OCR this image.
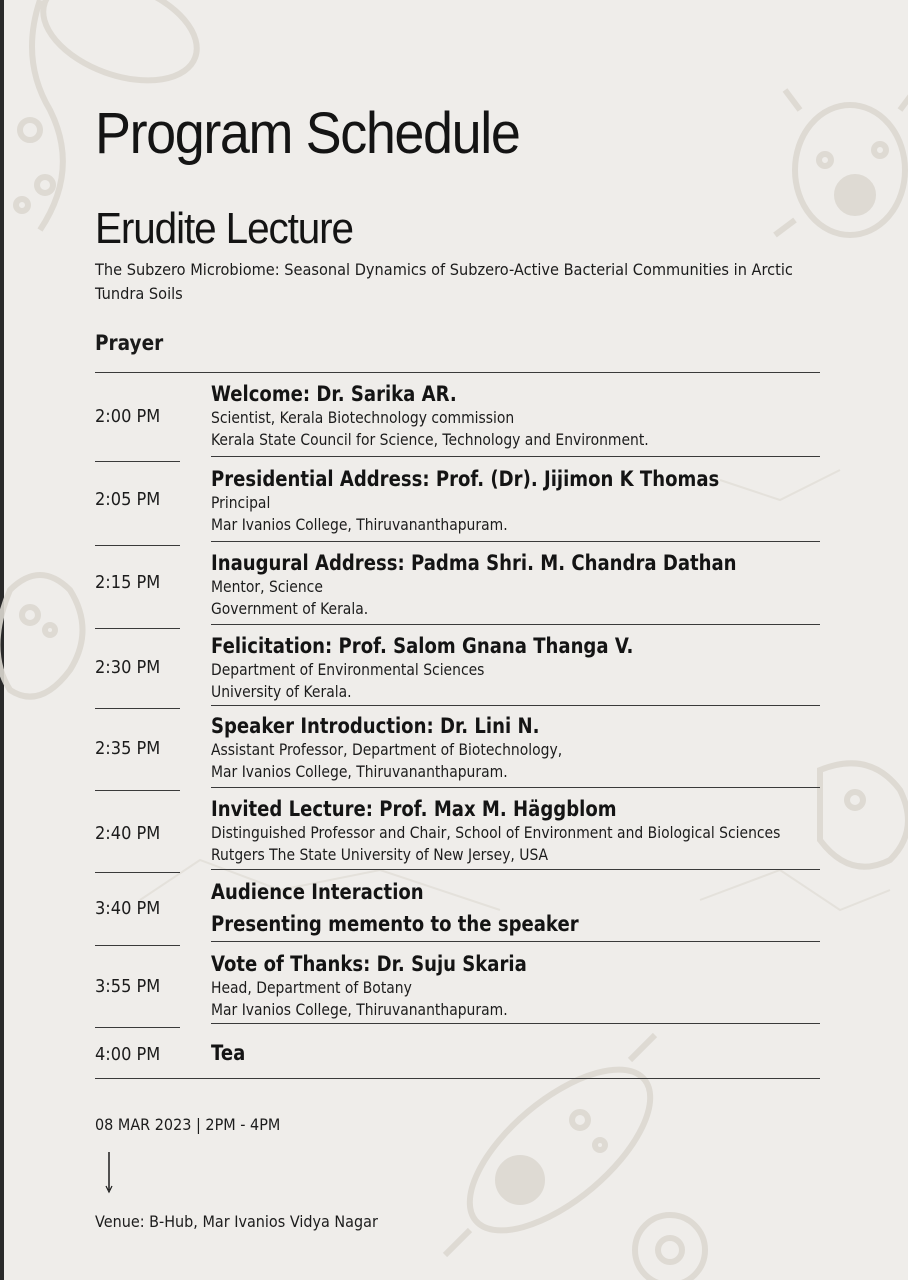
Program Schedule
Erudite Lecture
The Subzero Microbiome: Seasonal Dynamics of Subzero-Active Bacterial Communities in Arctic
Tundra Soils
Prayer
2:00 PM
Welcome: Dr. Sarika AR.
Scientist, Kerala Biotechnology commission
Kerala State Council for Science, Technology and Environment.
2:05 PM
Presidential Address: Prof. (Dr). Jijimon K Thomas
Principal
Mar Ivanios College, Thiruvananthapuram.
2:15 PM
Inaugural Address: Padma Shri. M. Chandra Dathan
Mentor, Science
Government of Kerala.
2:30 PM
Felicitation: Prof. Salom Gnana Thanga V.
Department of Environmental Sciences
University of Kerala.
2:35 PM
Speaker Introduction: Dr. Lini N.
Assistant Professor, Department of Biotechnology,
Mar Ivanios College, Thiruvananthapuram.
2:40 PM
Invited Lecture: Prof. Max M. Häggblom
Distinguished Professor and Chair, School of Environment and Biological Sciences
Rutgers The State University of New Jersey, USA
3:40 PM
Audience Interaction
Presenting memento to the speaker
3:55 PM
Vote of Thanks: Dr. Suju Skaria
Head, Department of Botany
Mar Ivanios College, Thiruvananthapuram.
4:00 PM Tea
08 MAR 2023 | 2PM - 4PM
Venue: B-Hub, Mar Ivanios Vidya Nagar
